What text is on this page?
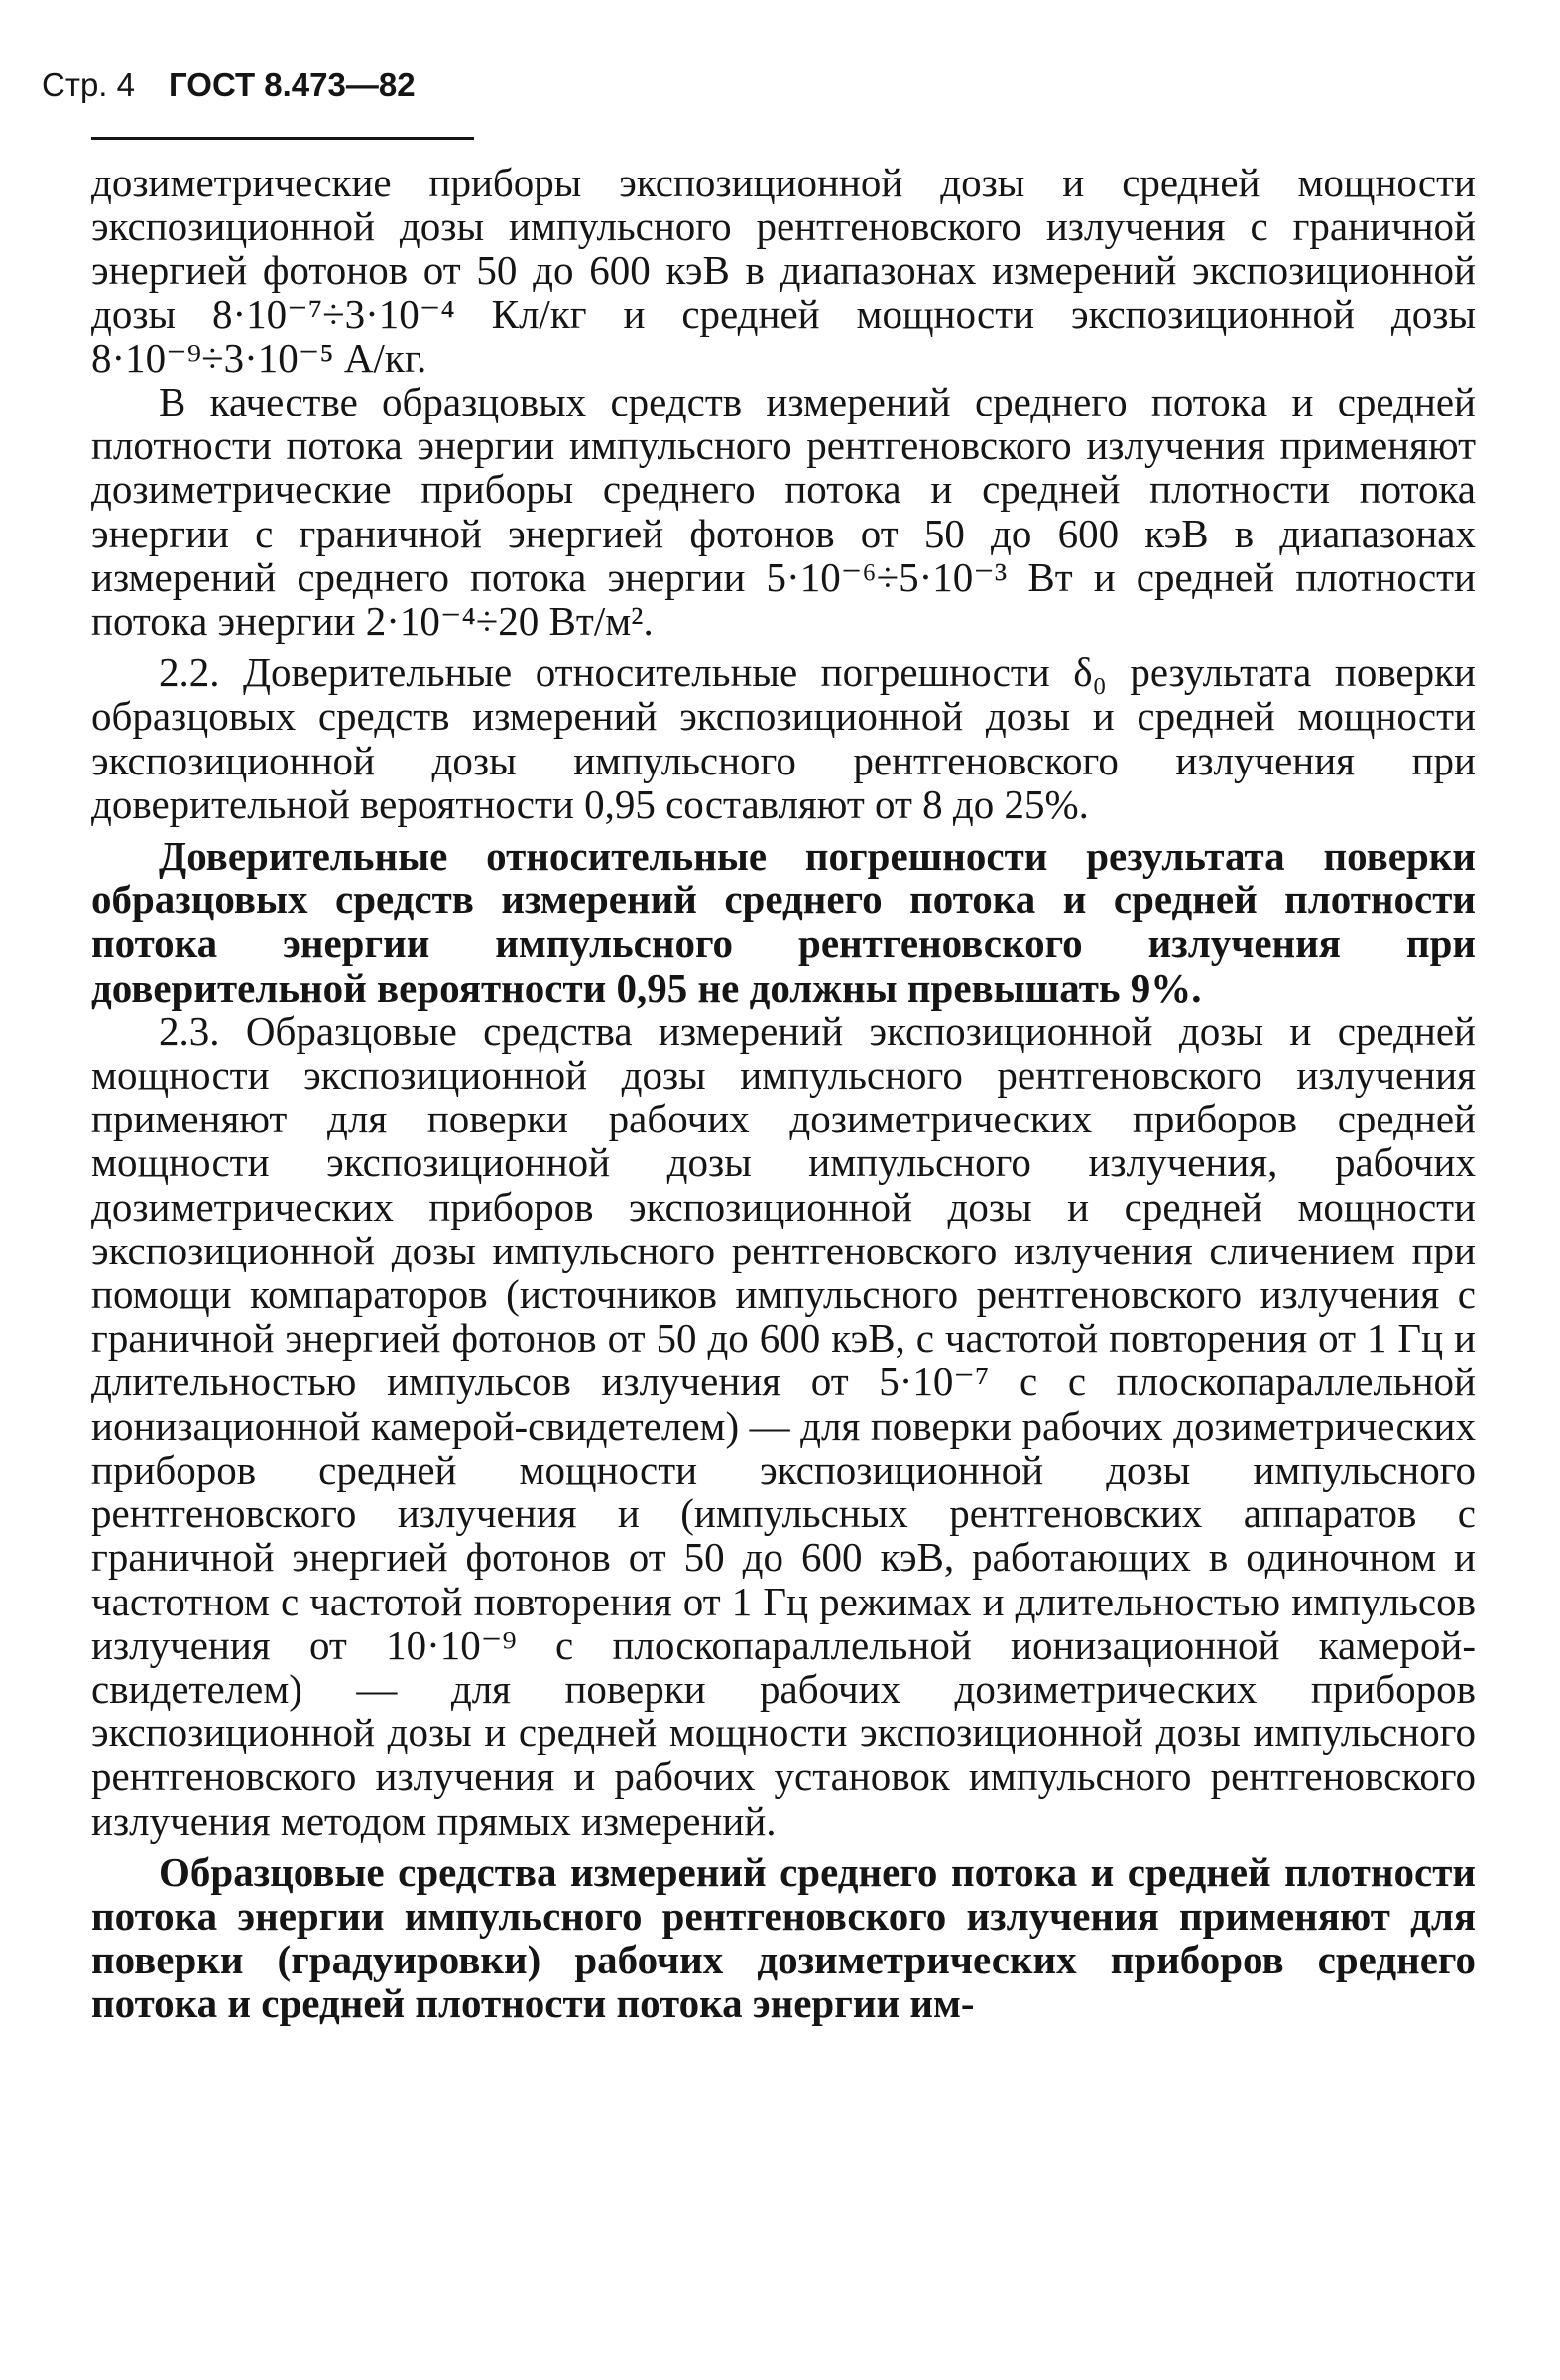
Стр. 4 ГОСТ 8.473—82

дозиметрические приборы экспозиционной дозы и средней мощности экспозиционной дозы импульсного рентгеновского излучения с граничной энергией фотонов от 50 до 600 кэВ в диапазонах измерений экспозиционной дозы 8·10⁻⁷÷3·10⁻⁴ Кл/кг и средней мощности экспозиционной дозы 8·10⁻⁹÷3·10⁻⁵ А/кг.

В качестве образцовых средств измерений среднего потока и средней плотности потока энергии импульсного рентгеновского излучения применяют дозиметрические приборы среднего потока и средней плотности потока энергии с граничной энергией фотонов от 50 до 600 кэВ в диапазонах измерений среднего потока энергии 5·10⁻⁶÷5·10⁻³ Вт и средней плотности потока энергии 2·10⁻⁴÷20 Вт/м².

2.2. Доверительные относительные погрешности δ₀ результата поверки образцовых средств измерений экспозиционной дозы и средней мощности экспозиционной дозы импульсного рентгеновского излучения при доверительной вероятности 0,95 составляют от 8 до 25%.

Доверительные относительные погрешности результата поверки образцовых средств измерений среднего потока и средней плотности потока энергии импульсного рентгеновского излучения при доверительной вероятности 0,95 не должны превышать 9%.

2.3. Образцовые средства измерений экспозиционной дозы и средней мощности экспозиционной дозы импульсного рентгеновского излучения применяют для поверки рабочих дозиметрических приборов средней мощности экспозиционной дозы импульсного излучения, рабочих дозиметрических приборов экспозиционной дозы и средней мощности экспозиционной дозы импульсного рентгеновского излучения сличением при помощи компараторов (источников импульсного рентгеновского излучения с граничной энергией фотонов от 50 до 600 кэВ, с частотой повторения от 1 Гц и длительностью импульсов излучения от 5·10⁻⁷ с с плоскопараллельной ионизационной камерой-свидетелем) — для поверки рабочих дозиметрических приборов средней мощности экспозиционной дозы импульсного рентгеновского излучения и (импульсных рентгеновских аппаратов с граничной энергией фотонов от 50 до 600 кэВ, работающих в одиночном и частотном с частотой повторения от 1 Гц режимах и длительностью импульсов излучения от 10·10⁻⁹ с плоскопараллельной ионизационной камерой-свидетелем) — для поверки рабочих дозиметрических приборов экспозиционной дозы и средней мощности экспозиционной дозы импульсного рентгеновского излучения и рабочих установок импульсного рентгеновского излучения методом прямых измерений.

Образцовые средства измерений среднего потока и средней плотности потока энергии импульсного рентгеновского излучения применяют для поверки (градуировки) рабочих дозиметрических приборов среднего потока и средней плотности потока энергии им-
